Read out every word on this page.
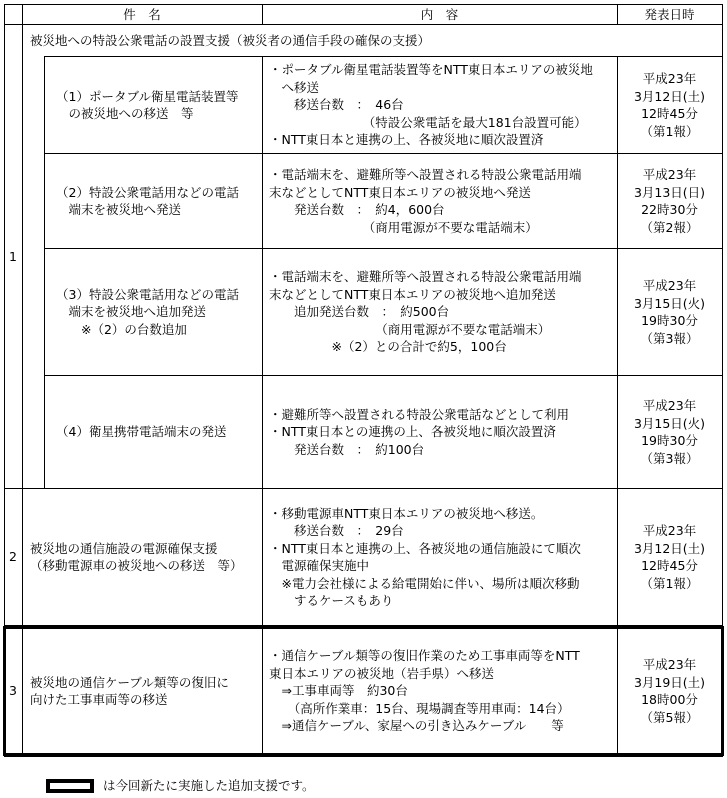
件　名	内　容	発表日時
1
被災地への特設公衆電話の設置支援（被災者の通信手段の確保の支援）
（1）ポータブル衛星電話装置等
　の被災地への移送　等
・ポータブル衛星電話装置等をNTT東日本エリアの被災地
　へ移送
　　移送台数　：　46台
　　　　　　　　（特設公衆電話を最大181台設置可能）
・NTT東日本と連携の上、各被災地に順次設置済
平成23年
3月12日(土)
12時45分
（第1報）
（2）特設公衆電話用などの電話
　端末を被災地へ発送
・電話端末を、避難所等へ設置される特設公衆電話用端
末などとしてNTT東日本エリアの被災地へ発送
　　発送台数　：　約4，600台
　　　　　　　　（商用電源が不要な電話端末）
平成23年
3月13日(日)
22時30分
（第2報）
（3）特設公衆電話用などの電話
　端末を被災地へ追加発送
　　※（2）の台数追加
・電話端末を、避難所等へ設置される特設公衆電話用端
末などとしてNTT東日本エリアの被災地へ追加発送
　　追加発送台数　：　約500台
　　　　　　　　　（商用電源が不要な電話端末）
　　　　　※（2）との合計で約5，100台
平成23年
3月15日(火)
19時30分
（第3報）
（4）衛星携帯電話端末の発送
・避難所等へ設置される特設公衆電話などとして利用
・NTT東日本との連携の上、各被災地に順次設置済
　　発送台数　：　約100台
平成23年
3月15日(火)
19時30分
（第3報）
2
被災地の通信施設の電源確保支援
（移動電源車の被災地への移送　等）
・移動電源車NTT東日本エリアの被災地へ移送。
　　移送台数　：　29台
・NTT東日本と連携の上、各被災地の通信施設にて順次
　電源確保実施中
　※電力会社様による給電開始に伴い、場所は順次移動
　　するケースもあり
平成23年
3月12日(土)
12時45分
（第1報）
3
被災地の通信ケーブル類等の復旧に
向けた工事車両等の移送
・通信ケーブル類等の復旧作業のため工事車両等をNTT
東日本エリアの被災地（岩手県）へ移送
　⇒工事車両等　約30台
　　（高所作業車：15台、現場調査等用車両：14台）
　⇒通信ケーブル、家屋への引き込みケーブル　　等
平成23年
3月19日(土)
18時00分
（第5報）
は今回新たに実施した追加支援です。
